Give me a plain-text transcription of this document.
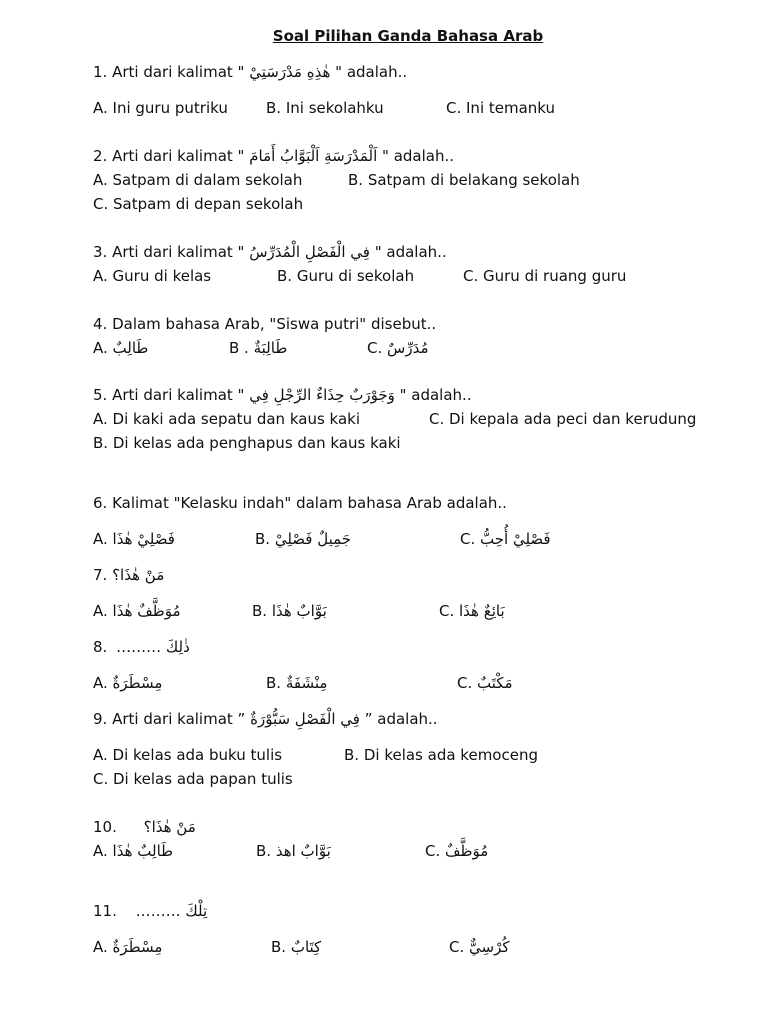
Soal Pilihan Ganda Bahasa Arab
1. Arti dari kalimat " هٰذِهِ مَدْرَسَتِيْ " adalah..
A. Ini guru putriku	B. Ini sekolahku	C. Ini temanku
2. Arti dari kalimat " اَلْمَدْرَسَةِ اَلْبَوَّابُ أَمَامَ " adalah..
A. Satpam di dalam sekolah	B. Satpam di belakang sekolah
C. Satpam di depan sekolah
3. Arti dari kalimat " فِي الْفَصْلِ الْمُدَرِّسُ " adalah..
A. Guru di kelas	B. Guru di sekolah	C. Guru di ruang guru
4. Dalam bahasa Arab, "Siswa putri" disebut..
A. طَالِبٌ	B . طَالِبَةٌ	C. مُدَرِّسٌ
5. Arti dari kalimat " وَجَوْرَبٌ حِذَاءٌ الرِّجْلِ فِي " adalah..
A. Di kaki ada sepatu dan kaus kaki	C. Di kepala ada peci dan kerudung
B. Di kelas ada penghapus dan kaus kaki
6. Kalimat "Kelasku indah" dalam bahasa Arab adalah..
A. فَصْلِيْ هٰذَا	B. جَمِيلٌ فَصْلِيْ	C. فَصْلِيْ أُحِبُّ
7. مَنْ هٰذَا؟
A. مُوَظَّفٌ هٰذَا	B. بَوَّابٌ هٰذَا	C. بَائِعٌ هٰذَا
8. ……… ذٰلِكَ
A. مِسْطَرَةٌ	B. مِنْشَفَةٌ	C. مَكْتَبٌ
9. Arti dari kalimat ” فِي الْفَصْلِ سَبُّوْرَةٌ ” adalah..
A. Di kelas ada buku tulis	B. Di kelas ada kemoceng
C. Di kelas ada papan tulis
10. مَنْ هٰذَا؟
A. طَالِبٌ هٰذَا	B. بَوَّابٌ اهذ	C. مُوَظَّفٌ
11. ……… تِلْكَ
A. مِسْطَرَةٌ	B. كِتَابٌ	C. كُرْسِيٌّ
